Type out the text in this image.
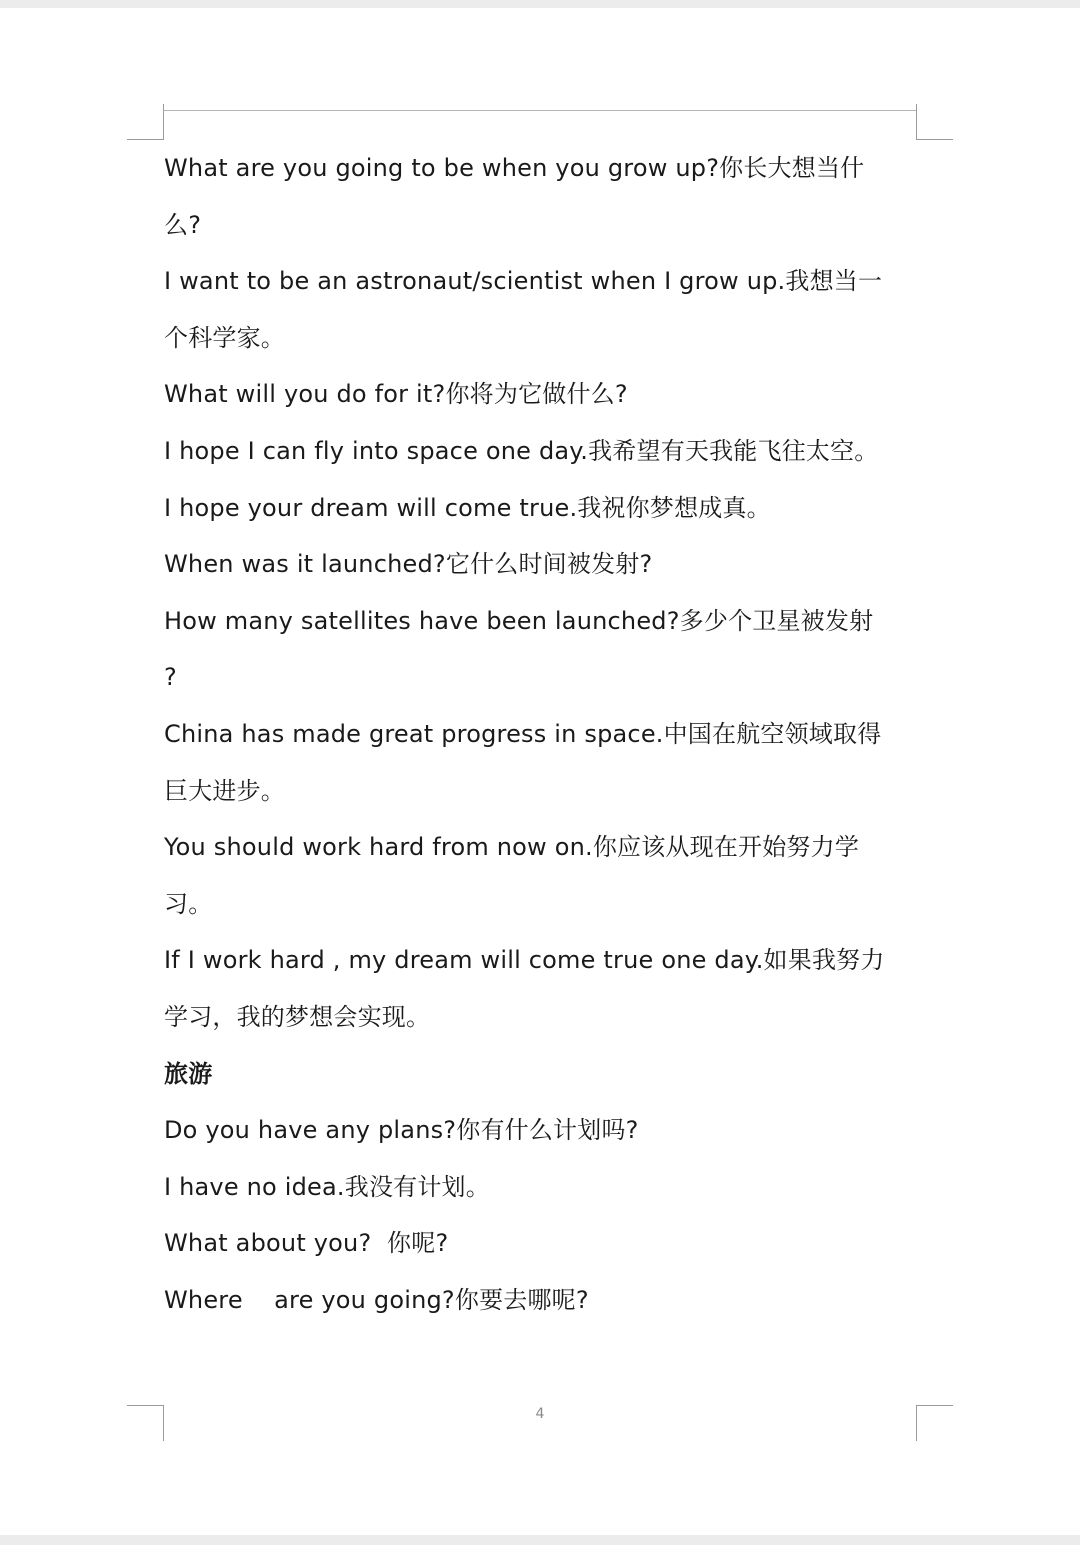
What are you going to be when you grow up?你长大想当什
么?
I want to be an astronaut/scientist when I grow up.我想当一
个科学家。
What will you do for it?你将为它做什么?
I hope I can fly into space one day.我希望有天我能飞往太空。
I hope your dream will come true.我祝你梦想成真。
When was it launched?它什么时间被发射?
How many satellites have been launched?多少个卫星被发射
?
China has made great progress in space.中国在航空领域取得
巨大进步。
You should work hard from now on.你应该从现在开始努力学
习。
If I work hard , my dream will come true one day.如果我努力
学习，我的梦想会实现。
旅游
Do you have any plans?你有什么计划吗?
I have no idea.我没有计划。
What about you?  你呢?
Where    are you going?你要去哪呢?
4
